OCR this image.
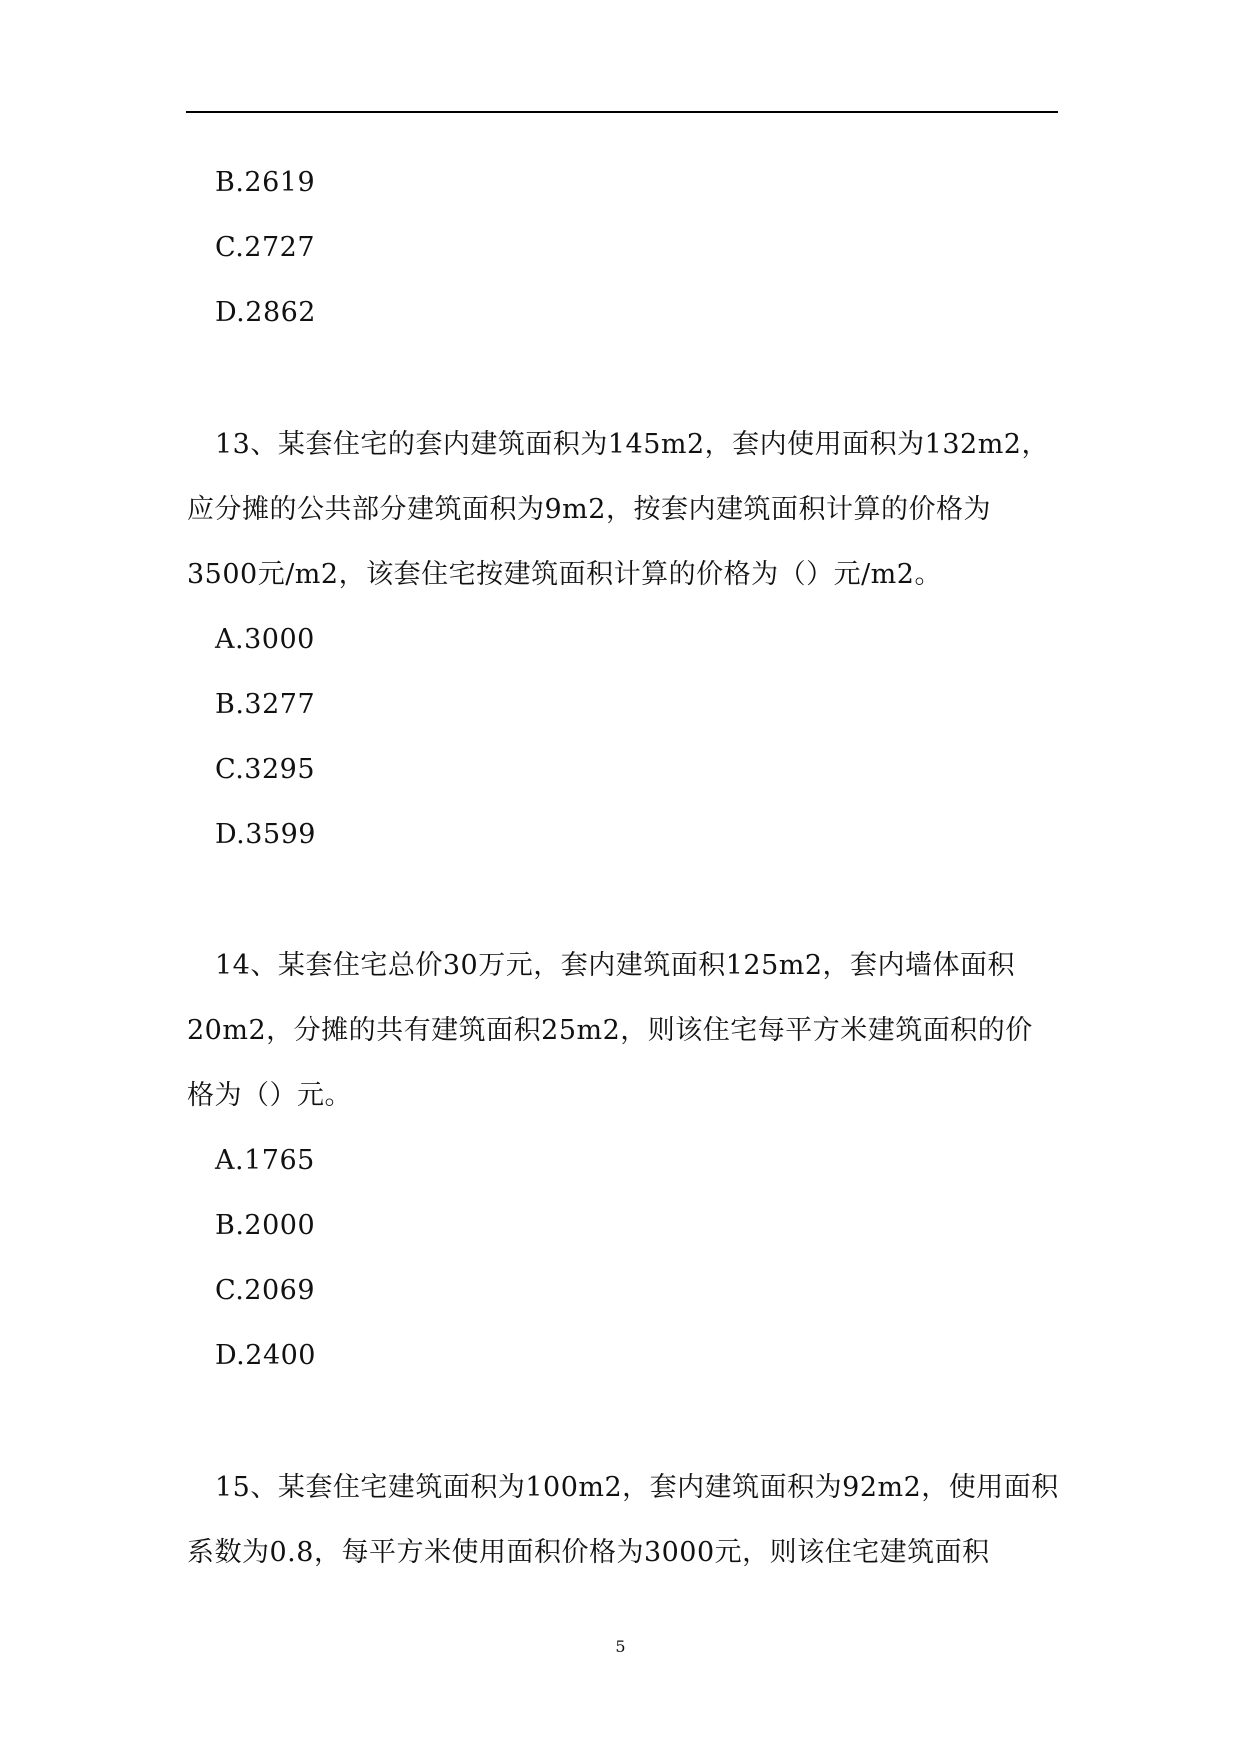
B.2619
C.2727
D.2862
13、某套住宅的套内建筑面积为145m2，套内使用面积为132m2，
应分摊的公共部分建筑面积为9m2，按套内建筑面积计算的价格为
3500元/m2，该套住宅按建筑面积计算的价格为（）元/m2。
A.3000
B.3277
C.3295
D.3599
14、某套住宅总价30万元，套内建筑面积125m2，套内墙体面积
20m2，分摊的共有建筑面积25m2，则该住宅每平方米建筑面积的价
格为（）元。
A.1765
B.2000
C.2069
D.2400
15、某套住宅建筑面积为100m2，套内建筑面积为92m2，使用面积
系数为0.8，每平方米使用面积价格为3000元，则该住宅建筑面积
5
